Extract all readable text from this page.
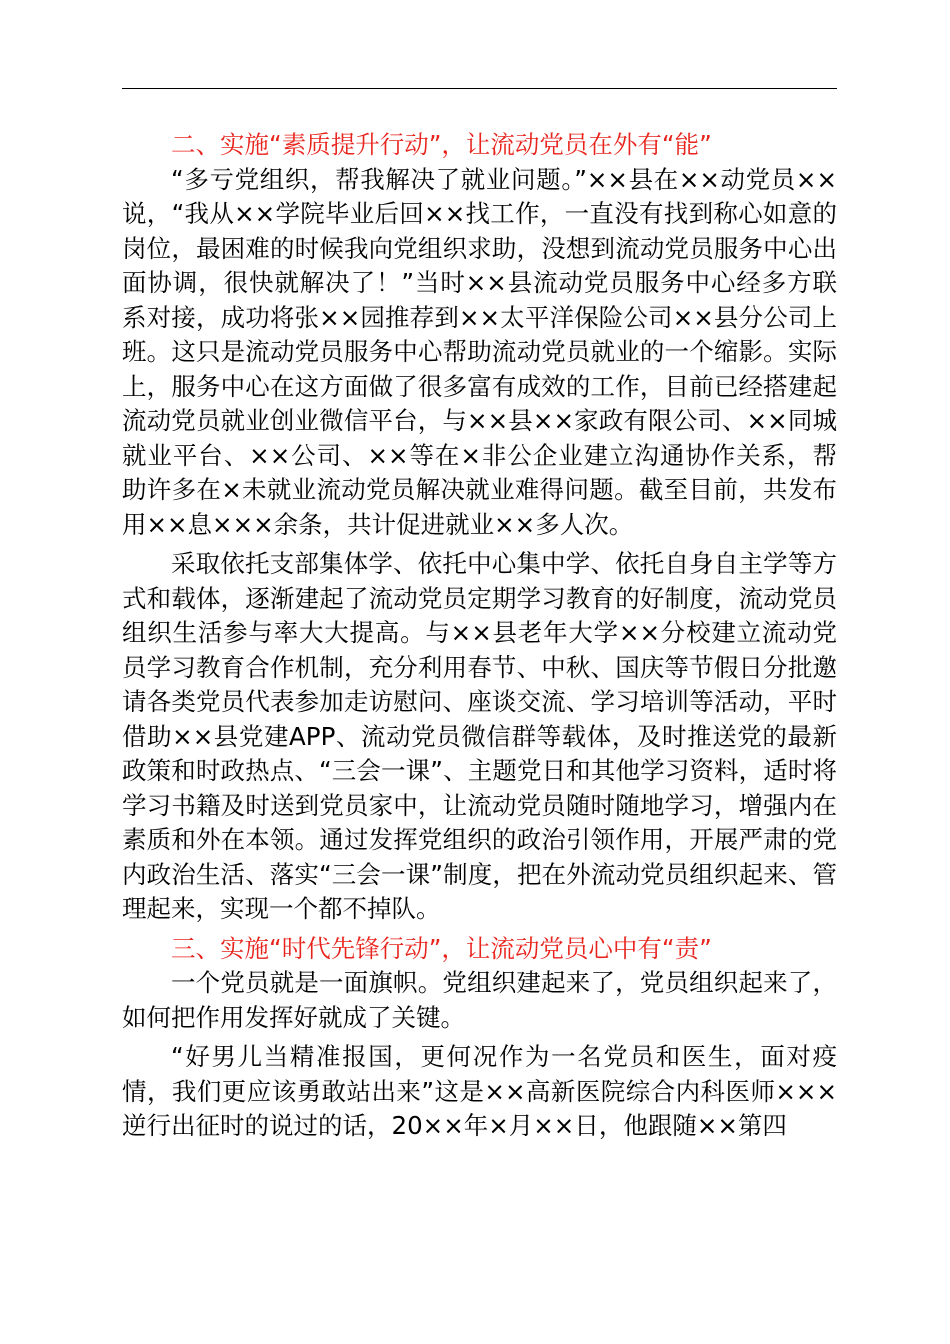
二、实施“素质提升行动”，让流动党员在外有“能”

“多亏党组织，帮我解决了就业问题。”××县在××动党员××说，“我从××学院毕业后回××找工作，一直没有找到称心如意的岗位，最困难的时候我向党组织求助，没想到流动党员服务中心出面协调，很快就解决了！”当时××县流动党员服务中心经多方联系对接，成功将张××园推荐到××太平洋保险公司××县分公司上班。这只是流动党员服务中心帮助流动党员就业的一个缩影。实际上，服务中心在这方面做了很多富有成效的工作，目前已经搭建起流动党员就业创业微信平台，与××县××家政有限公司、××同城就业平台、××公司、××等在×非公企业建立沟通协作关系，帮助许多在×未就业流动党员解决就业难得问题。截至目前，共发布用××息×××余条，共计促进就业××多人次。

采取依托支部集体学、依托中心集中学、依托自身自主学等方式和载体，逐渐建起了流动党员定期学习教育的好制度，流动党员组织生活参与率大大提高。与××县老年大学××分校建立流动党员学习教育合作机制，充分利用春节、中秋、国庆等节假日分批邀请各类党员代表参加走访慰问、座谈交流、学习培训等活动，平时借助××县党建APP、流动党员微信群等载体，及时推送党的最新政策和时政热点、“三会一课”、主题党日和其他学习资料，适时将学习书籍及时送到党员家中，让流动党员随时随地学习，增强内在素质和外在本领。通过发挥党组织的政治引领作用，开展严肃的党内政治生活、落实“三会一课”制度，把在外流动党员组织起来、管理起来，实现一个都不掉队。

三、实施“时代先锋行动”，让流动党员心中有“责”

一个党员就是一面旗帜。党组织建起来了，党员组织起来了，如何把作用发挥好就成了关键。

“好男儿当精准报国，更何况作为一名党员和医生，面对疫情，我们更应该勇敢站出来”这是××高新医院综合内科医师×××逆行出征时的说过的话，20××年×月××日，他跟随××第四
